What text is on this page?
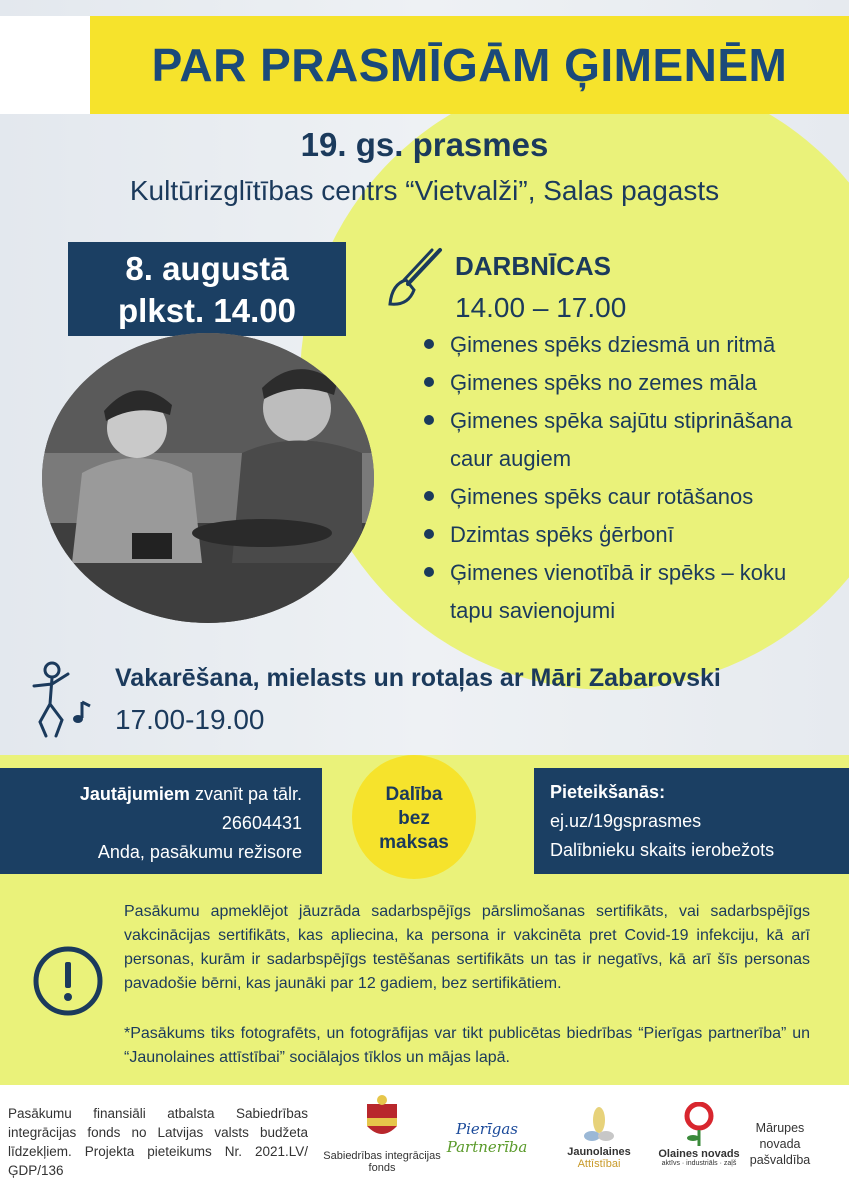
PAR PRASMĪGĀM ĢIMENĒM
19. gs. prasmes
Kultūrizglītības centrs “Vietvalži”, Salas pagasts
8. augustā
plkst. 14.00
DARBNĪCAS
14.00 – 17.00
Ģimenes spēks dziesmā un ritmā
Ģimenes spēks no zemes māla
Ģimenes spēka sajūtu stiprināšana caur augiem
Ģimenes spēks caur rotāšanos
Dzimtas spēks ģērbonī
Ģimenes vienotībā ir spēks – koku tapu savienojumi
Vakarēšana, mielasts un rotaļas ar Māri Zabarovski
17.00-19.00
Jautājumiem zvanīt pa tālr.
26604431
Anda, pasākumu režisore
Dalība
bez
maksas
Pieteikšanās:
ej.uz/19gsprasmes
Dalībnieku skaits ierobežots
Pasākumu apmeklējot jāuzrāda sadarbspējīgs pārslimošanas sertifikāts, vai sadarbspējīgs vakcinācijas sertifikāts, kas apliecina, ka persona ir vakcinēta pret Covid-19 infekciju, kā arī personas, kurām ir sadarbspējīgs testēšanas sertifikāts un tas ir negatīvs, kā arī šīs personas pavadošie bērni, kas jaunāki par 12 gadiem, bez sertifikātiem.
*Pasākums tiks fotografēts, un fotogrāfijas var tikt publicētas biedrības “Pierīgas partnerība” un “Jaunolaines attīstībai” sociālajos tīklos un mājas lapā.
Pasākumu finansiāli atbalsta Sabiedrības integrācijas fonds no Latvijas valsts budžeta līdzekļiem. Projekta pieteikums Nr. 2021.LV/ĢDP/136
Sabiedrības integrācijas fonds
Pierīgas Partnerība	Jaunolaines
Attīstībai
Olaines novads
aktīvs · industriāls · zaļš
Mārupes
novada
pašvaldība
